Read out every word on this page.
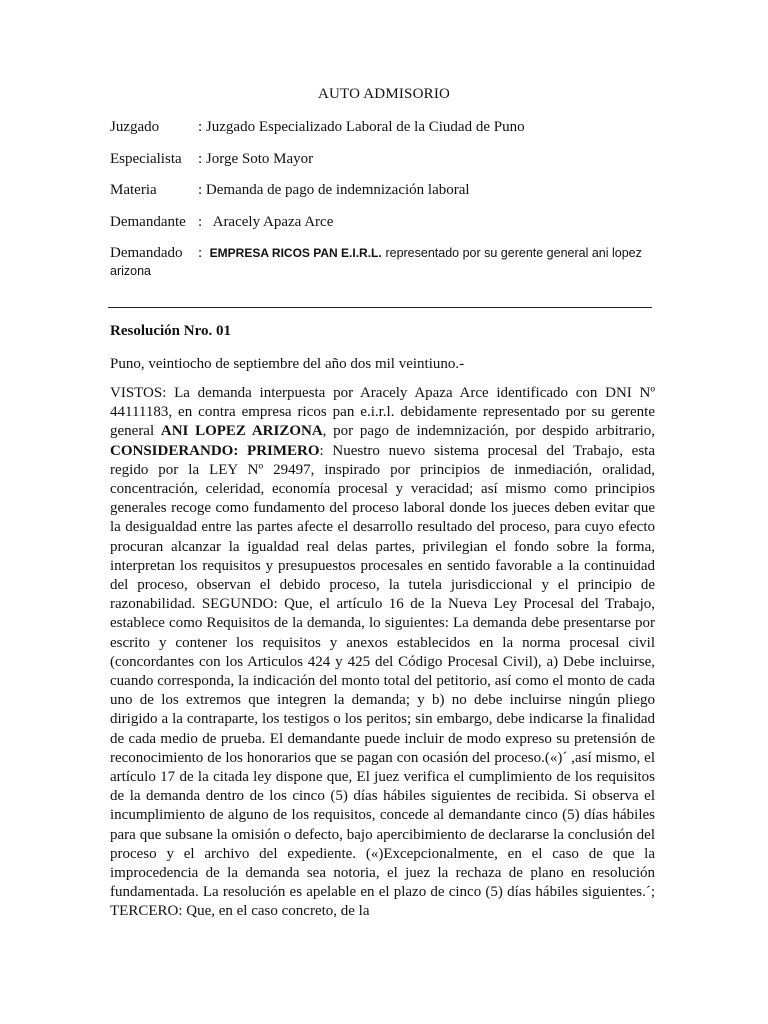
AUTO ADMISORIO
Juzgado	: Juzgado Especializado Laboral de la Ciudad de Puno
Especialista : Jorge Soto Mayor
Materia	: Demanda de pago de indemnización laboral
Demandante : Aracely Apaza Arce
Demandado : EMPRESA RICOS PAN E.I.R.L. representado por su gerente general ani lopez arizona
Resolución Nro. 01
Puno, veintiocho de septiembre del año dos mil veintiuno.-
VISTOS: La demanda interpuesta por Aracely Apaza Arce identificado con DNI Nº 44111183, en contra empresa ricos pan e.i.r.l. debidamente representado por su gerente general ANI LOPEZ ARIZONA, por pago de indemnización, por despido arbitrario, CONSIDERANDO: PRIMERO: Nuestro nuevo sistema procesal del Trabajo, esta regido por la LEY Nº 29497, inspirado por principios de inmediación, oralidad, concentración, celeridad, economía procesal y veracidad; así mismo como principios generales recoge como fundamento del proceso laboral donde los jueces deben evitar que la desigualdad entre las partes afecte el desarrollo resultado del proceso, para cuyo efecto procuran alcanzar la igualdad real delas partes, privilegian el fondo sobre la forma, interpretan los requisitos y presupuestos procesales en sentido favorable a la continuidad del proceso, observan el debido proceso, la tutela jurisdiccional y el principio de razonabilidad. SEGUNDO: Que, el artículo 16 de la Nueva Ley Procesal del Trabajo, establece como Requisitos de la demanda, lo siguientes: La demanda debe presentarse por escrito y contener los requisitos y anexos establecidos en la norma procesal civil (concordantes con los Articulos 424 y 425 del Código Procesal Civil), a) Debe incluirse, cuando corresponda, la indicación del monto total del petitorio, así como el monto de cada uno de los extremos que integren la demanda; y b) no debe incluirse ningún pliego dirigido a la contraparte, los testigos o los peritos; sin embargo, debe indicarse la finalidad de cada medio de prueba. El demandante puede incluir de modo expreso su pretensión de reconocimiento de los honorarios que se pagan con ocasión del proceso.(«)´ ,así mismo, el artículo 17 de la citada ley dispone que, El juez verifica el cumplimiento de los requisitos de la demanda dentro de los cinco (5) días hábiles siguientes de recibida. Si observa el incumplimiento de alguno de los requisitos, concede al demandante cinco (5) días hábiles para que subsane la omisión o defecto, bajo apercibimiento de declararse la conclusión del proceso y el archivo del expediente. («)Excepcionalmente, en el caso de que la improcedencia de la demanda sea notoria, el juez la rechaza de plano en resolución fundamentada. La resolución es apelable en el plazo de cinco (5) días hábiles siguientes.´; TERCERO: Que, en el caso concreto, de la
